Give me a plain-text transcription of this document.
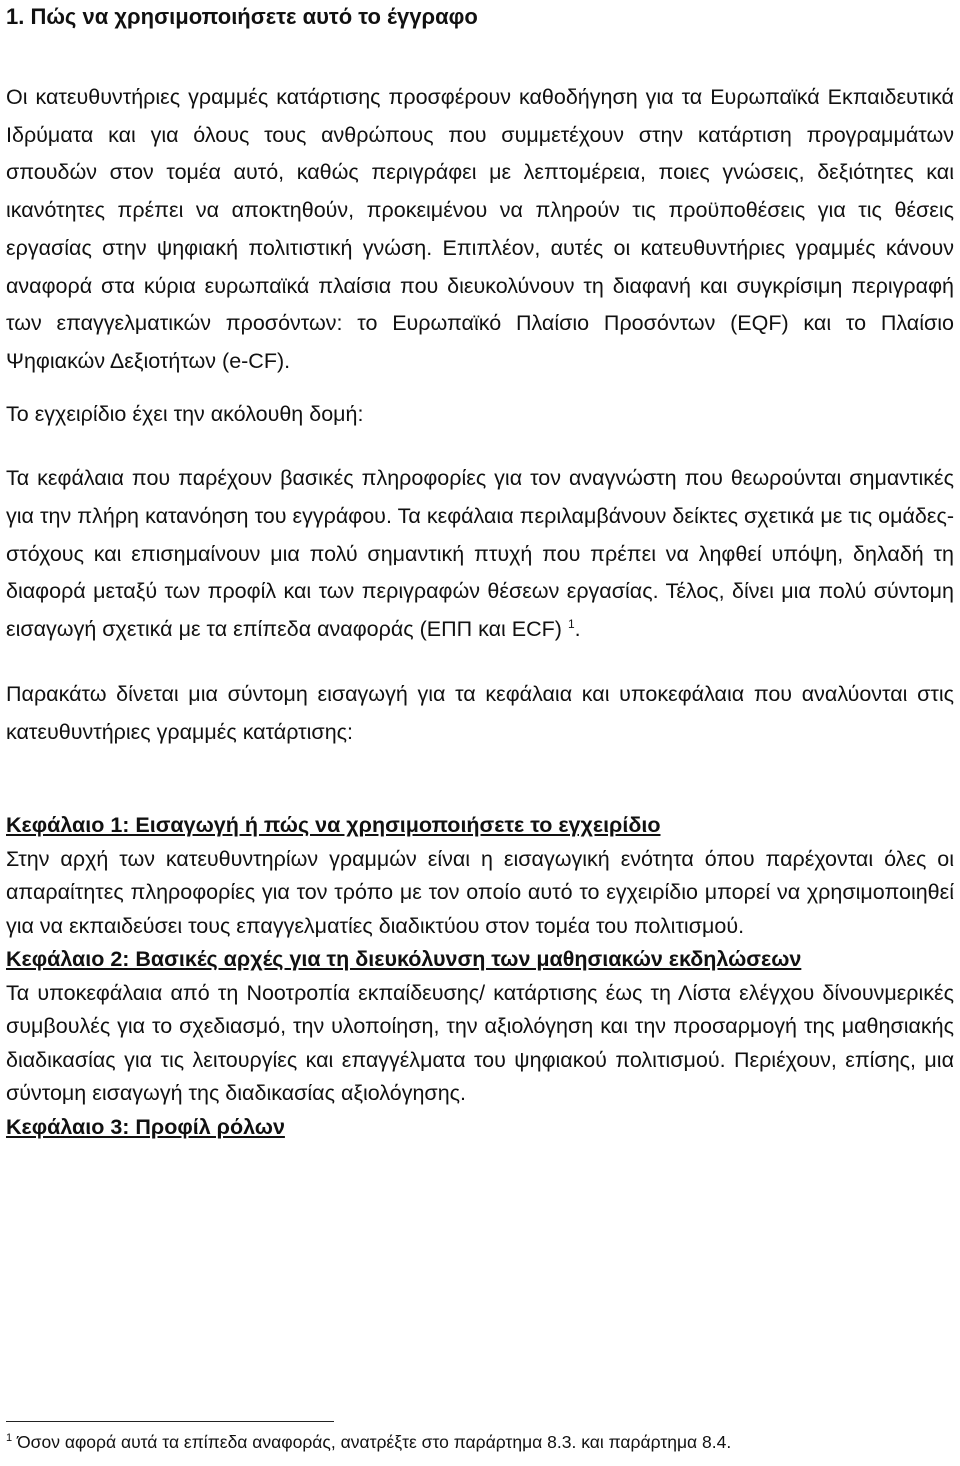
1. Πώς να χρησιμοποιήσετε αυτό το έγγραφο

Οι κατευθυντήριες γραμμές κατάρτισης προσφέρουν καθοδήγηση για τα Ευρωπαϊκά Εκπαιδευτικά Ιδρύματα και για όλους τους ανθρώπους που συμμετέχουν στην κατάρτιση προγραμμάτων σπουδών στον τομέα αυτό, καθώς περιγράφει με λεπτομέρεια, ποιες γνώσεις, δεξιότητες και ικανότητες πρέπει να αποκτηθούν, προκειμένου να πληρούν τις προϋποθέσεις για τις θέσεις εργασίας στην ψηφιακή πολιτιστική γνώση. Επιπλέον, αυτές οι κατευθυντήριες γραμμές κάνουν αναφορά στα κύρια ευρωπαϊκά πλαίσια που διευκολύνουν τη διαφανή και συγκρίσιμη περιγραφή των επαγγελματικών προσόντων: το Ευρωπαϊκό Πλαίσιο Προσόντων (EQF) και το Πλαίσιο Ψηφιακών Δεξιοτήτων (e-CF).

Το εγχειρίδιο έχει την ακόλουθη δομή:

Τα κεφάλαια που παρέχουν βασικές πληροφορίες για τον αναγνώστη που θεωρούνται σημαντικές για την πλήρη κατανόηση του εγγράφου. Τα κεφάλαια περιλαμβάνουν δείκτες σχετικά με τις ομάδες-στόχους και επισημαίνουν μια πολύ σημαντική πτυχή που πρέπει να ληφθεί υπόψη, δηλαδή τη διαφορά μεταξύ των προφίλ και των περιγραφών θέσεων εργασίας. Τέλος, δίνει μια πολύ σύντομη εισαγωγή σχετικά με τα επίπεδα αναφοράς (ΕΠΠ και ECF) $^1$.

Παρακάτω δίνεται μια σύντομη εισαγωγή για τα κεφάλαια και υποκεφάλαια που αναλύονται στις κατευθυντήριες γραμμές κατάρτισης:

Κεφάλαιο 1: Εισαγωγή ή πώς να χρησιμοποιήσετε το εγχειρίδιο

Στην αρχή των κατευθυντηρίων γραμμών είναι η εισαγωγική ενότητα όπου παρέχονται όλες οι απαραίτητες πληροφορίες για τον τρόπο με τον οποίο αυτό το εγχειρίδιο μπορεί να χρησιμοποιηθεί για να εκπαιδεύσει τους επαγγελματίες διαδικτύου στον τομέα του πολιτισμού.

Κεφάλαιο 2: Βασικές αρχές για τη διευκόλυνση των μαθησιακών εκδηλώσεων

Τα υποκεφάλαια από τη Νοοτροπία εκπαίδευσης/ κατάρτισης έως τη Λίστα ελέγχου δίνουνμερικές συμβουλές για το σχεδιασμό, την υλοποίηση, την αξιολόγηση και την προσαρμογή της μαθησιακής διαδικασίας για τις λειτουργίες και επαγγέλματα του ψηφιακού πολιτισμού. Περιέχουν, επίσης, μια σύντομη εισαγωγή της διαδικασίας αξιολόγησης.

Κεφάλαιο 3: Προφίλ ρόλων

$^1$ Όσον αφορά αυτά τα επίπεδα αναφοράς, ανατρέξτε στο παράρτημα 8.3. και παράρτημα 8.4.
